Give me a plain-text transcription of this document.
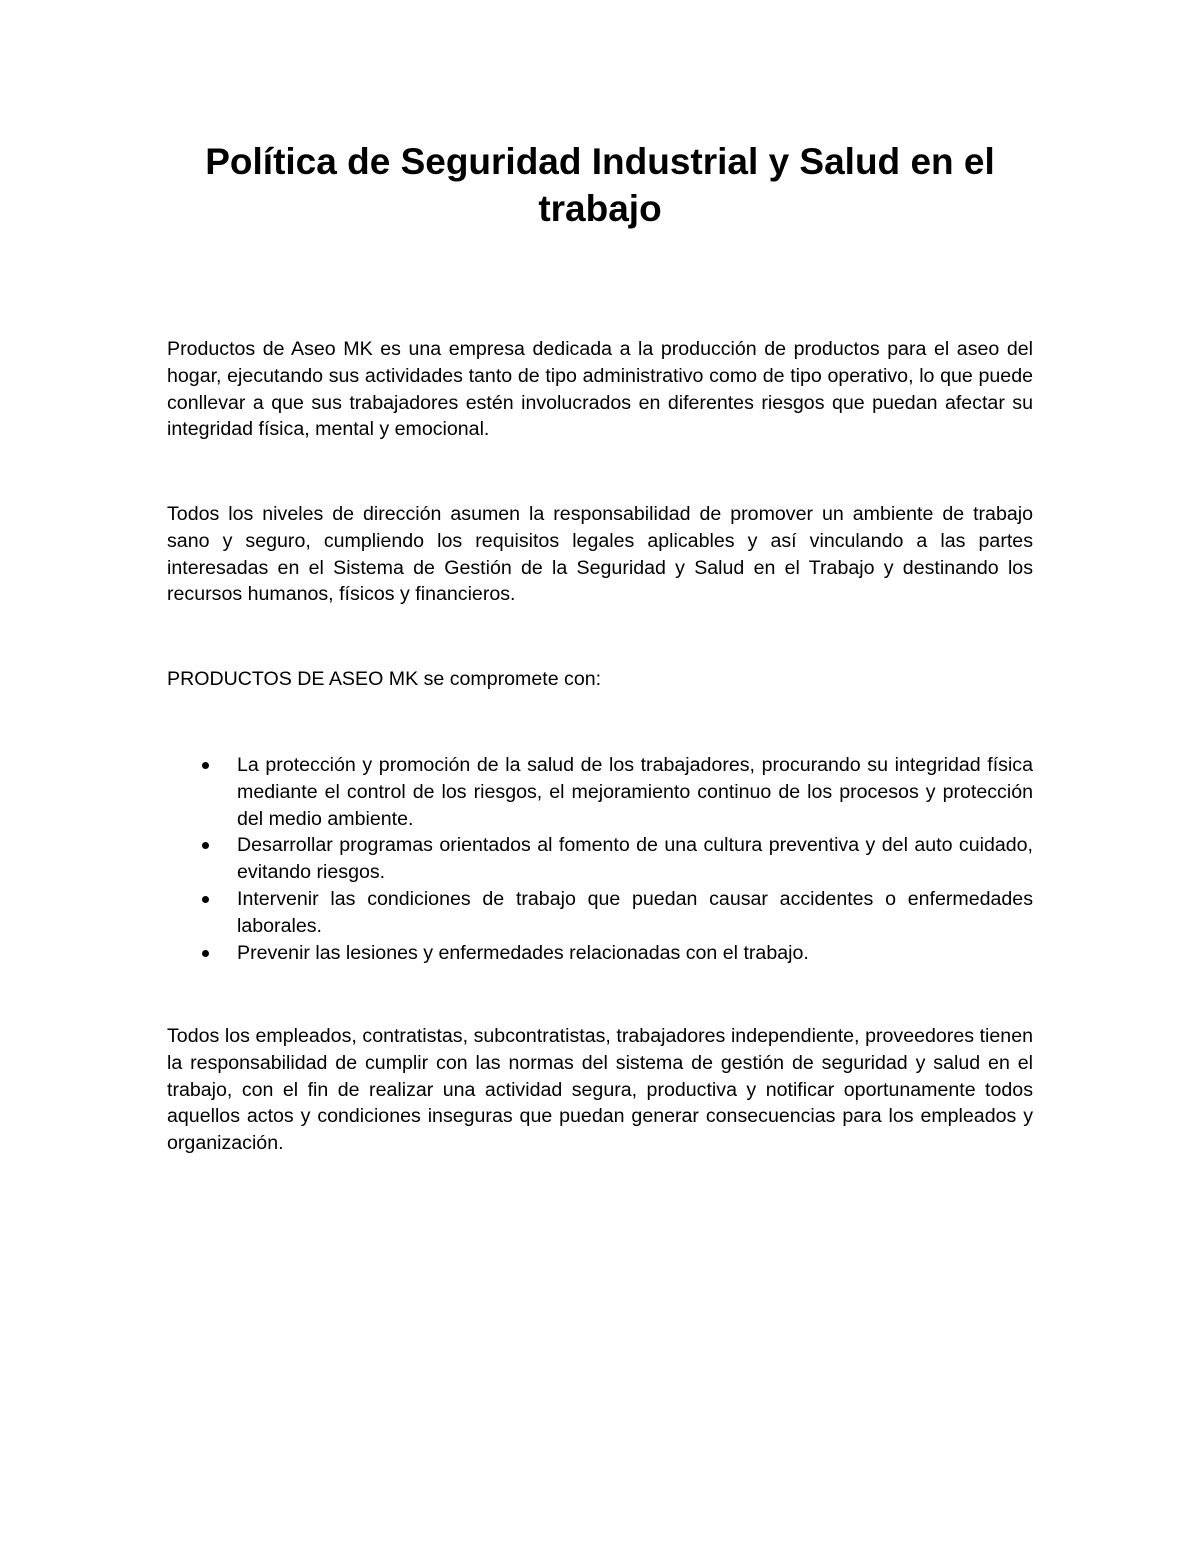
Política de Seguridad Industrial y Salud en el trabajo

Productos de Aseo MK es una empresa dedicada a la producción de productos para el aseo del hogar, ejecutando sus actividades tanto de tipo administrativo como de tipo operativo, lo que puede conllevar a que sus trabajadores estén involucrados en diferentes riesgos que puedan afectar su integridad física, mental y emocional.

Todos los niveles de dirección asumen la responsabilidad de promover un ambiente de trabajo sano y seguro, cumpliendo los requisitos legales aplicables y así vinculando a las partes interesadas en el Sistema de Gestión de la Seguridad y Salud en el Trabajo y destinando los recursos humanos, físicos y financieros.

PRODUCTOS DE ASEO MK se compromete con:

La protección y promoción de la salud de los trabajadores, procurando su integridad física mediante el control de los riesgos, el mejoramiento continuo de los procesos y protección del medio ambiente.
Desarrollar programas orientados al fomento de una cultura preventiva y del auto cuidado, evitando riesgos.
Intervenir las condiciones de trabajo que puedan causar accidentes o enfermedades laborales.
Prevenir las lesiones y enfermedades relacionadas con el trabajo.

Todos los empleados, contratistas, subcontratistas, trabajadores independiente, proveedores tienen la responsabilidad de cumplir con las normas del sistema de gestión de seguridad y salud en el trabajo, con el fin de realizar una actividad segura, productiva y notificar oportunamente todos aquellos actos y condiciones inseguras que puedan generar consecuencias para los empleados y organización.
